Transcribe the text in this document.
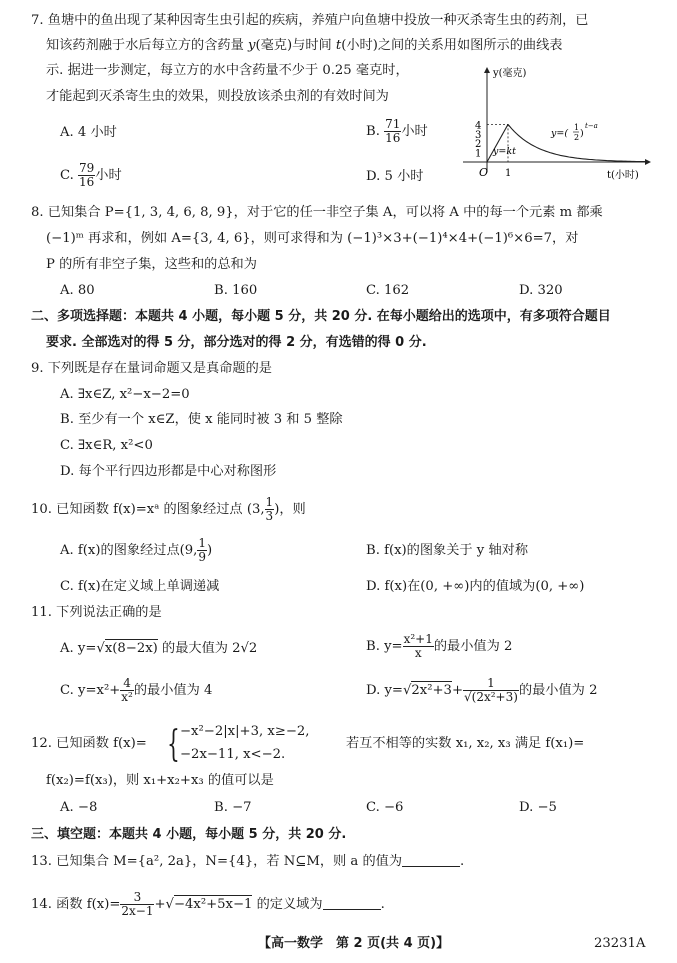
7. 鱼塘中的鱼出现了某种因寄生虫引起的疾病，养殖户向鱼塘中投放一种灭杀寄生虫的药剂，已
知该药剂融于水后每立方的含药量 y(毫克)与时间 t(小时)之间的关系用如图所示的曲线表
示. 据进一步测定，每立方的水中含药量不少于 0.25 毫克时，
才能起到灭杀寄生虫的效果，则投放该杀虫剂的有效时间为
A. 4 小时	B. $\frac{71}{16}$ 小时
C. $\frac{79}{16}$ 小时	D. 5 小时
y(毫克)
t(小时)
4
3
2
1
O 1
y=kt
y=(
1
2 )
t−a
8. 已知集合 P={1, 3, 4, 6, 8, 9}，对于它的任一非空子集 A，可以将 A 中的每一个元素 m 都乘
(−1)ᵐ 再求和，例如 A={3, 4, 6}，则可求得和为 (−1)³×3+(−1)⁴×4+(−1)⁶×6=7，对
P 的所有非空子集，这些和的总和为
A. 80	B. 160	C. 162	D. 320
二、多项选择题：本题共 4 小题，每小题 5 分，共 20 分. 在每小题给出的选项中，有多项符合题目
要求. 全部选对的得 5 分，部分选对的得 2 分，有选错的得 0 分.
9. 下列既是存在量词命题又是真命题的是
A. ∃x∈Z, x²−x−2=0
B. 至少有一个 x∈Z，使 x 能同时被 3 和 5 整除
C. ∃x∈R, x²<0
D. 每个平行四边形都是中心对称图形
10. 已知函数 f(x)=xᵃ 的图象经过点 (3, $\frac{1}{3}$ )，则
A. f(x)的图象经过点(9, $\frac{1}{9}$ )	B. f(x)的图象关于 y 轴对称
C. f(x)在定义域上单调递减	D. f(x)在(0, +∞)内的值域为(0, +∞)
11. 下列说法正确的是
A. y=√x(8−2x) 的最大值为 2√2	B. $y= \frac{\text{x²+1}}{x}$ 的最小值为 2
C. $y=x^2+ \frac{4}{\text{x²}}$ 的最小值为 4	D. $y=√2x^2+3+ \frac{1}{\text{√(2x²+3)}}$ 的最小值为 2
12. 已知函数 f(x)= { −x²−2|x|+3, x≥−2,
−2x−11, x<−2.
若互不相等的实数 x₁, x₂, x₃ 满足 f(x₁)=
f(x₂)=f(x₃)，则 x₁+x₂+x₃ 的值可以是
A. −8	B. −7	C. −6	D. −5
三、填空题：本题共 4 小题，每小题 5 分，共 20 分.
13. 已知集合 M={a², 2a}，N={4}，若 N⊆M，则 a 的值为	.
14. 函数 $f(x)= \frac{3}{2x-1} +√-4x^2+5x-1$ 的定义域为	.
【高一数学　第 2 页(共 4 页)】	23231A
